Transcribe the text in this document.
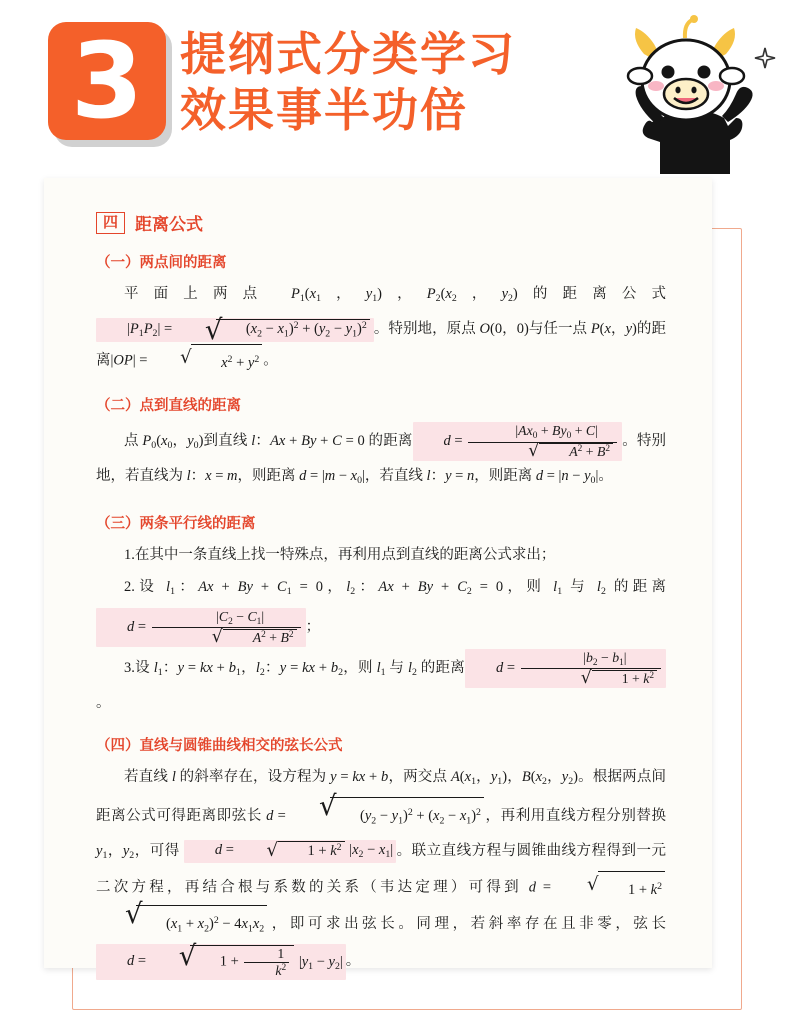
3 提纲式分类学习
效果事半功倍
四	距离公式
（一）两点间的距离

平面上两点 $P_1(x_1$，$y_1$)，$P_2(x_2$，$y_2$)的距离公式$|P_1P_2|$ =	√ $(x_2 - x_1)^2 + (y_2 - y_1)^2$ 。特别地，原点 O(0，0)与任一点 P(x，y)的距离|OP| =	√ $x^2 + y^2$ 。

（二）点到直线的距离

点 $P_0(x_0$，$y_0$)到直线 l：Ax + By + C = 0 的距离 $d = |Ax_0 + By_0 + C|$
√ $A^2 + B^2$ 。特别地，若直线为 l：x = m，则距离 $d = |m - x_0|$，若直线 l：y = n，则距离 $d = |n - y_0|$。

（三）两条平行线的距离

1.在其中一条直线上找一特殊点，再利用点到直线的距离公式求出；

2.设 $l_1$：$Ax + By + C_1 = 0$，$l_2$：$Ax + By + C_2 = 0$，则 $l_1$ 与 $l_2$ 的距离$d = |C_2 - C_1|$
√ $A^2 + B^2$ ；

3.设 $l_1$：y = kx + $b_1$，$l_2$：y = kx + $b_2$，则 $l_1$ 与 $l_2$ 的距离 $d = |b_2 - b_1|$
√ $1 + k^2$
。

（四）直线与圆锥曲线相交的弦长公式

若直线 l 的斜率存在，设方程为 y = kx + b，两交点 $A(x_1$，$y_1$)，$B(x_2$，$y_2$)。根据两点间距离公式可得距离即弦长 d =	√ $(y_2 - y_1)^2 + (x_2 - x_1)^2$ ，再利用直线方程分别替换 $y_1$，$y_2$，可得 d =	√ $1 + k^2$ $|x_2 - x_1|$ 。联立直线方程与圆锥曲线方程得到一元二次方程，再结合根与系数的关系（韦达定理）可得到 d =	√ $1 + k^2$ √ $(x_1 + x_2)^2 - 4x_1x_2$ ，即可求出弦长。同理，若斜率存在且非零，弦长 d =	√ $1 + \frac{1}{k^2} |y_1 - y_2|$ 。
